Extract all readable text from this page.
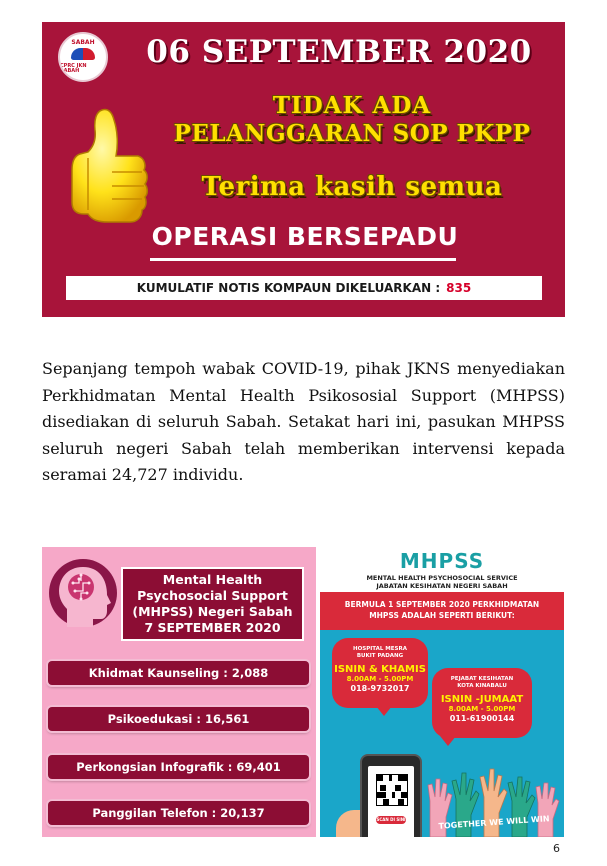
SABAH
CPRC JKN SABAH
06 SEPTEMBER 2020
TIDAK ADA
PELANGGARAN SOP PKPP
Terima kasih semua
OPERASI BERSEPADU
KUMULATIF NOTIS KOMPAUN DIKELUARKAN : 835

Sepanjang tempoh wabak COVID-19, pihak JKNS menyediakan Perkhidmatan Mental Health Psikososial Support (MHPSS) disediakan di seluruh Sabah. Setakat hari ini, pasukan MHPSS seluruh negeri Sabah telah memberikan intervensi kepada seramai 24,727 individu.

Mental Health
Psychosocial Support
(MHPSS) Negeri Sabah
7 SEPTEMBER 2020
Khidmat Kaunseling : 2,088
Psikoedukasi : 16,561
Perkongsian Infografik : 69,401
Panggilan Telefon : 20,137
MHPSS
MENTAL HEALTH PSYCHOSOCIAL SERVICE
JABATAN KESIHATAN NEGERI SABAH
BERMULA 1 SEPTEMBER 2020 PERKHIDMATAN
MHPSS ADALAH SEPERTI BERIKUT:
HOSPITAL MESRA
BUKIT PADANG
ISNIN & KHAMIS
8.00AM - 5.00PM
018-9732017
PEJABAT KESIHATAN
KOTA KINABALU
ISNIN -JUMAAT
8.00AM - 5.00PM
011-61900144
SCAN DI SINI	TOGETHER WE WILL WIN
6
